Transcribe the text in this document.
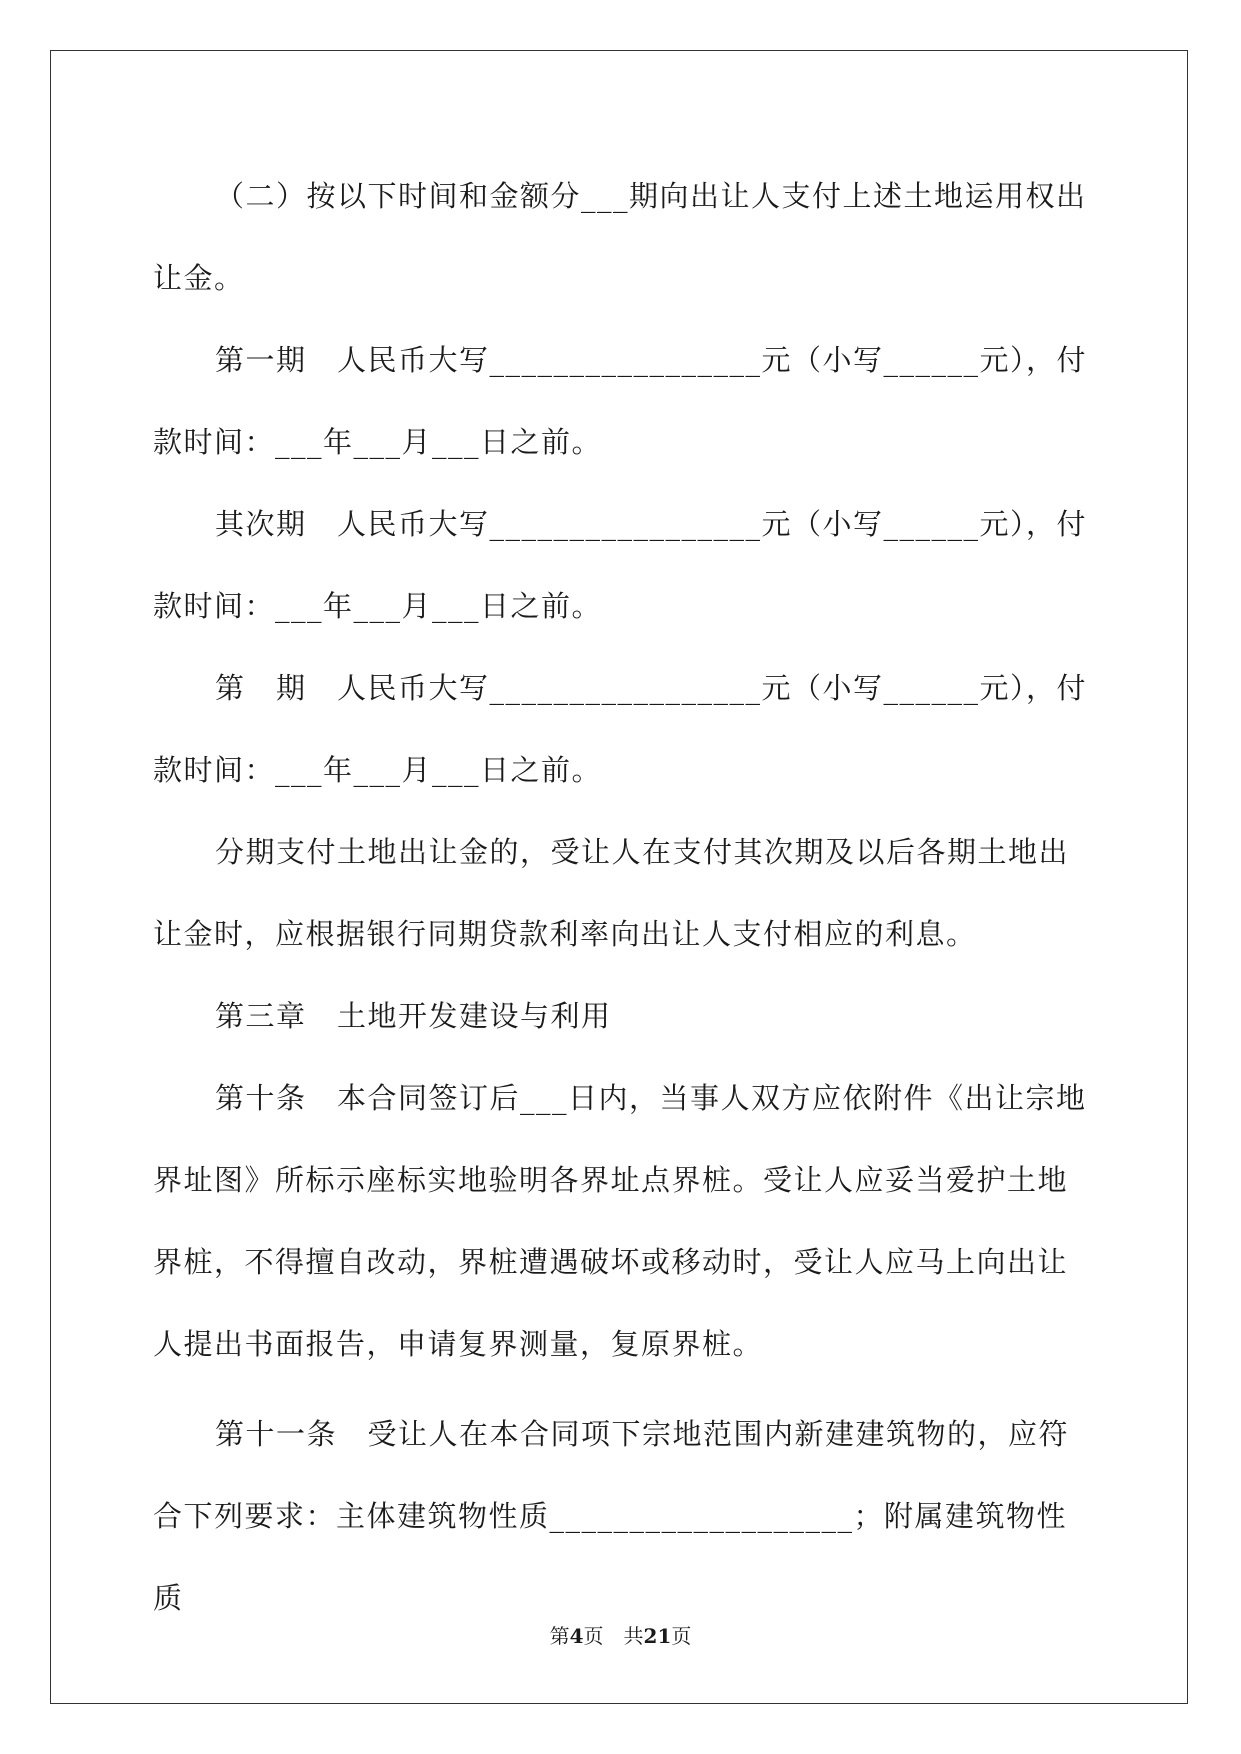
（二）按以下时间和金额分___期向出让人支付上述土地运用权出让金。

第一期　人民币大写_________________元（小写______元），付款时间：___年___月___日之前。

其次期　人民币大写_________________元（小写______元），付款时间：___年___月___日之前。

第　期　人民币大写_________________元（小写______元），付款时间：___年___月___日之前。

分期支付土地出让金的，受让人在支付其次期及以后各期土地出让金时，应根据银行同期贷款利率向出让人支付相应的利息。

第三章　土地开发建设与利用

第十条　本合同签订后___日内，当事人双方应依附件《出让宗地界址图》所标示座标实地验明各界址点界桩。受让人应妥当爱护土地界桩，不得擅自改动，界桩遭遇破坏或移动时，受让人应马上向出让人提出书面报告，申请复界测量，复原界桩。

第十一条　受让人在本合同项下宗地范围内新建建筑物的，应符合下列要求：主体建筑物性质___________________；附属建筑物性质

第4页　共21页
